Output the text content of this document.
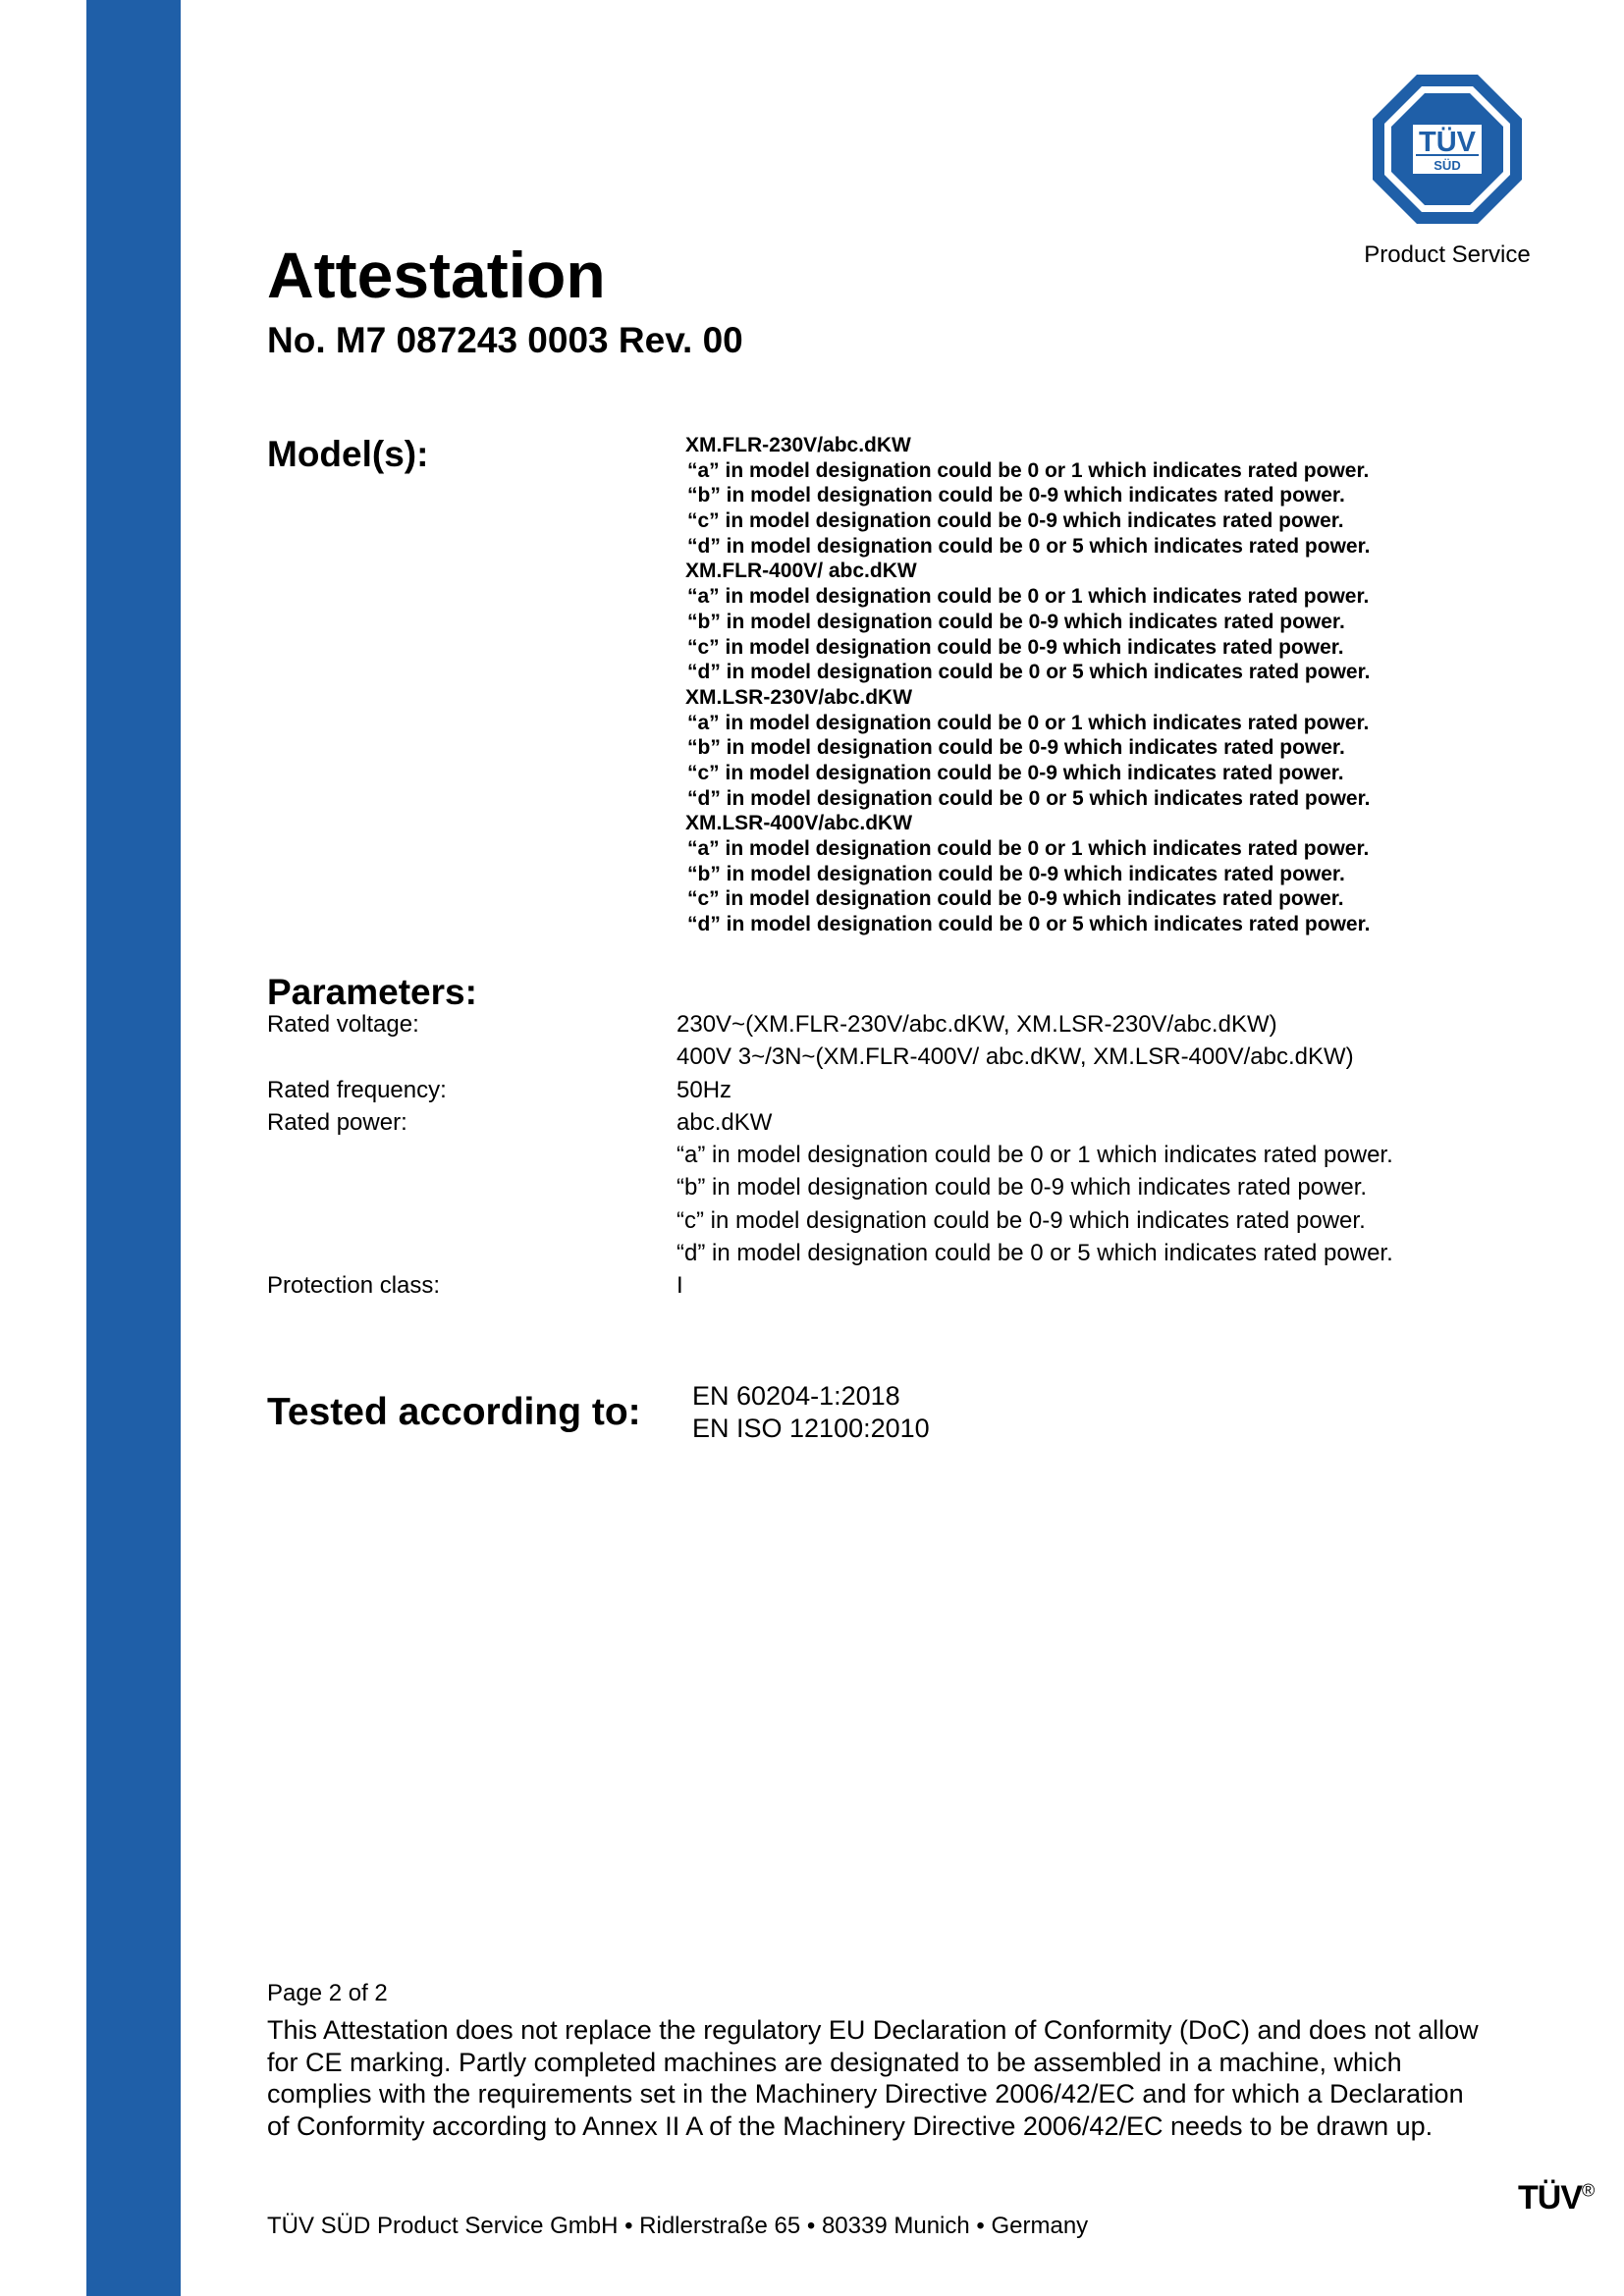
ATTESTATION
ATTESTATO
ATESTACIÓN
BESCHEINIGUNG
ATTESTATION
TÜV
SÜD
Product Service
Attestation
No. M7 087243 0003 Rev. 00
Model(s):	XM.FLR-230V/abc.dKW
“a” in model designation could be 0 or 1 which indicates rated power.
“b” in model designation could be 0-9 which indicates rated power.
“c” in model designation could be 0-9 which indicates rated power.
“d” in model designation could be 0 or 5 which indicates rated power.
XM.FLR-400V/ abc.dKW
“a” in model designation could be 0 or 1 which indicates rated power.
“b” in model designation could be 0-9 which indicates rated power.
“c” in model designation could be 0-9 which indicates rated power.
“d” in model designation could be 0 or 5 which indicates rated power.
XM.LSR-230V/abc.dKW
“a” in model designation could be 0 or 1 which indicates rated power.
“b” in model designation could be 0-9 which indicates rated power.
“c” in model designation could be 0-9 which indicates rated power.
“d” in model designation could be 0 or 5 which indicates rated power.
XM.LSR-400V/abc.dKW
“a” in model designation could be 0 or 1 which indicates rated power.
“b” in model designation could be 0-9 which indicates rated power.
“c” in model designation could be 0-9 which indicates rated power.
“d” in model designation could be 0 or 5 which indicates rated power.
Parameters:
Rated voltage:	230V~(XM.FLR-230V/abc.dKW, XM.LSR-230V/abc.dKW)
400V 3~/3N~(XM.FLR-400V/ abc.dKW, XM.LSR-400V/abc.dKW)
Rated frequency:	50Hz
Rated power:	abc.dKW
“a” in model designation could be 0 or 1 which indicates rated power.
“b” in model designation could be 0-9 which indicates rated power.
“c” in model designation could be 0-9 which indicates rated power.
“d” in model designation could be 0 or 5 which indicates rated power.
Protection class:	I
Tested according to: EN 60204-1:2018
EN ISO 12100:2010
Page 2 of 2
This Attestation does not replace the regulatory EU Declaration of Conformity (DoC) and does not allow for CE marking. Partly completed machines are designated to be assembled in a machine, which complies with the requirements set in the Machinery Directive 2006/42/EC and for which a Declaration of Conformity according to Annex II A of the Machinery Directive 2006/42/EC needs to be drawn up.
TÜV SÜD Product Service GmbH • Ridlerstraße 65 • 80339 Munich • Germany
TÜV®
